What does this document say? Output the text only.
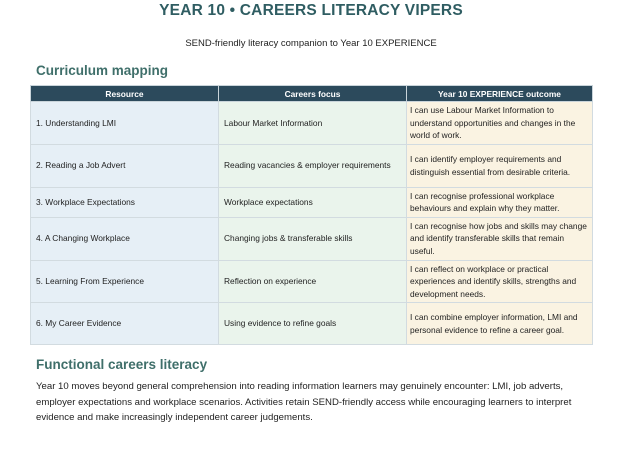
YEAR 10 • CAREERS LITERACY VIPERS
SEND-friendly literacy companion to Year 10 EXPERIENCE
Curriculum mapping
Resource	Careers focus	Year 10 EXPERIENCE outcome
1. Understanding LMI	Labour Market Information	I can use Labour Market Information to understand opportunities and changes in the world of work.
2. Reading a Job Advert	Reading vacancies & employer requirements	I can identify employer requirements and distinguish essential from desirable criteria.
3. Workplace Expectations	Workplace expectations	I can recognise professional workplace behaviours and explain why they matter.
4. A Changing Workplace	Changing jobs & transferable skills	I can recognise how jobs and skills may change and identify transferable skills that remain useful.
5. Learning From Experience	Reflection on experience	I can reflect on workplace or practical experiences and identify skills, strengths and development needs.
6. My Career Evidence	Using evidence to refine goals	I can combine employer information, LMI and personal evidence to refine a career goal.
Functional careers literacy
Year 10 moves beyond general comprehension into reading information learners may genuinely encounter: LMI, job adverts, employer expectations and workplace scenarios. Activities retain SEND-friendly access while encouraging learners to interpret evidence and make increasingly independent career judgements.
